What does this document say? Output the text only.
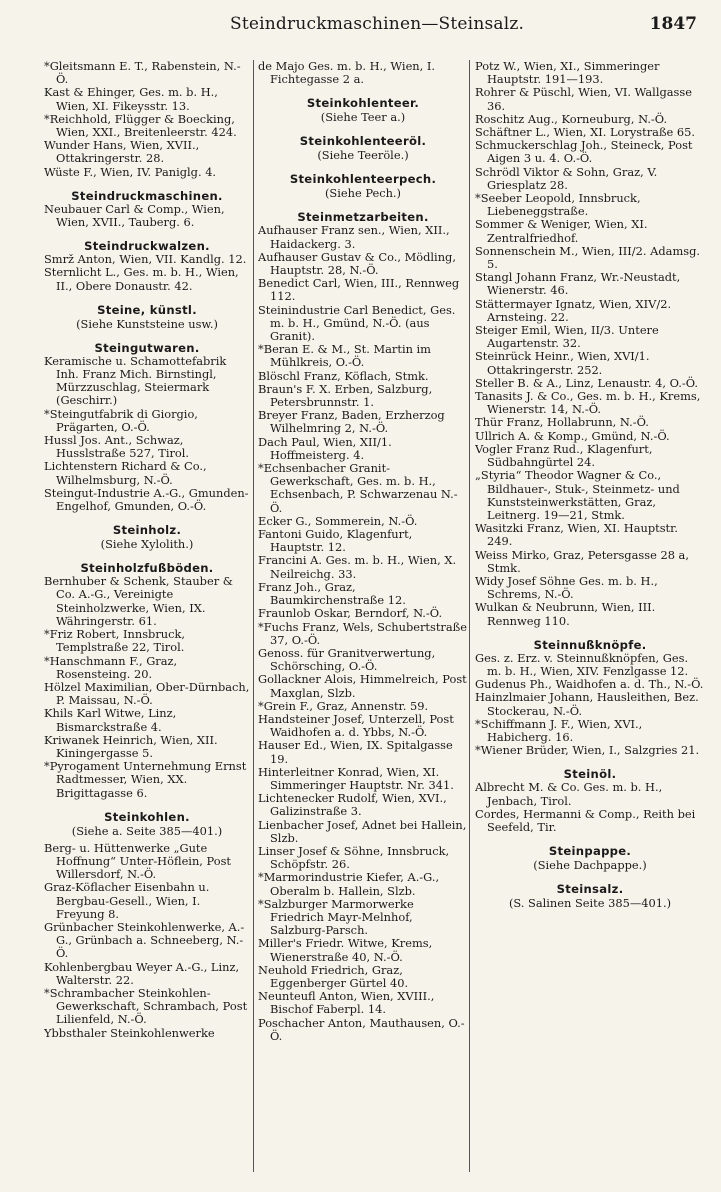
Steindruckmaschinen—Steinsalz.	1847
*Gleitsmann E. T., Rabenstein, N.-Ö.
Kast & Ehinger, Ges. m. b. H., Wien, XI. Fikeysstr. 13.
*Reichhold, Flügger & Boecking, Wien, XXI., Breitenleerstr. 424.
Wunder Hans, Wien, XVII., Ottakringerstr. 28.
Wüste F., Wien, IV. Paniglg. 4.
Steindruckmaschinen.
Neubauer Carl & Comp., Wien, Wien, XVII., Tauberg. 6.
Steindruckwalzen.
Smrž Anton, Wien, VII. Kandlg. 12.
Sternlicht L., Ges. m. b. H., Wien, II., Obere Donaustr. 42.
Steine, künstl.
(Siehe Kunststeine usw.)
Steingutwaren.
Keramische u. Schamottefabrik Inh. Franz Mich. Birnstingl, Mürzzuschlag, Steiermark (Geschirr.)
*Steingutfabrik di Giorgio, Prägarten, O.-Ö.
Hussl Jos. Ant., Schwaz, Husslstraße 527, Tirol.
Lichtenstern Richard & Co., Wilhelmsburg, N.-Ö.
Steingut-Industrie A.-G., Gmunden-Engelhof, Gmunden, O.-Ö.
Steinholz.
(Siehe Xylolith.)
Steinholzfußböden.
Bernhuber & Schenk, Stauber & Co. A.-G., Vereinigte Steinholzwerke, Wien, IX. Währingerstr. 61.
*Friz Robert, Innsbruck, Templstraße 22, Tirol.
*Hanschmann F., Graz, Rosensteing. 20.
Hölzel Maximilian, Ober-Dürnbach, P. Maissau, N.-Ö.
Khils Karl Witwe, Linz, Bismarckstraße 4.
Kriwanek Heinrich, Wien, XII. Kiningergasse 5.
*Pyrogament Unternehmung Ernst Radtmesser, Wien, XX. Brigittagasse 6.
Steinkohlen.
(Siehe a. Seite 385—401.)
Berg- u. Hüttenwerke „Gute Hoffnung“ Unter-Höflein, Post Willersdorf, N.-Ö.
Graz-Köflacher Eisenbahn u. Bergbau-Gesell., Wien, I. Freyung 8.
Grünbacher Steinkohlenwerke, A.-G., Grünbach a. Schneeberg, N.-Ö.
Kohlenbergbau Weyer A.-G., Linz, Walterstr. 22.
*Schrambacher Steinkohlen-Gewerkschaft, Schrambach, Post Lilienfeld, N.-Ö.
Ybbsthaler Steinkohlenwerke
de Majo Ges. m. b. H., Wien, I. Fichtegasse 2 a.
Steinkohlenteer.
(Siehe Teer a.)
Steinkohlenteeröl.
(Siehe Teeröle.)
Steinkohlenteerpech.
(Siehe Pech.)
Steinmetzarbeiten.
Aufhauser Franz sen., Wien, XII., Haidackerg. 3.
Aufhauser Gustav & Co., Mödling, Hauptstr. 28, N.-Ö.
Benedict Carl, Wien, III., Rennweg 112.
Steinindustrie Carl Benedict, Ges. m. b. H., Gmünd, N.-Ö. (aus Granit).
*Beran E. & M., St. Martin im Mühlkreis, O.-Ö.
Blöschl Franz, Köflach, Stmk.
Braun's F. X. Erben, Salzburg, Petersbrunnstr. 1.
Breyer Franz, Baden, Erzherzog Wilhelmring 2, N.-Ö.
Dach Paul, Wien, XII/1. Hoffmeisterg. 4.
*Echsenbacher Granit-Gewerkschaft, Ges. m. b. H., Echsenbach, P. Schwarzenau N.-Ö.
Ecker G., Sommerein, N.-Ö.
Fantoni Guido, Klagenfurt, Hauptstr. 12.
Francini A. Ges. m. b. H., Wien, X. Neilreichg. 33.
Franz Joh., Graz, Baumkirchenstraße 12.
Fraunlob Oskar, Berndorf, N.-Ö.
*Fuchs Franz, Wels, Schubertstraße 37, O.-Ö.
Genoss. für Granitverwertung, Schörsching, O.-Ö.
Gollackner Alois, Himmelreich, Post Maxglan, Slzb.
*Grein F., Graz, Annenstr. 59.
Handsteiner Josef, Unterzell, Post Waidhofen a. d. Ybbs, N.-Ö.
Hauser Ed., Wien, IX. Spitalgasse 19.
Hinterleitner Konrad, Wien, XI. Simmeringer Hauptstr. Nr. 341.
Lichtenecker Rudolf, Wien, XVI., Galizinstraße 3.
Lienbacher Josef, Adnet bei Hallein, Slzb.
Linser Josef & Söhne, Innsbruck, Schöpfstr. 26.
*Marmorindustrie Kiefer, A.-G., Oberalm b. Hallein, Slzb.
*Salzburger Marmorwerke Friedrich Mayr-Melnhof, Salzburg-Parsch.
Miller's Friedr. Witwe, Krems, Wienerstraße 40, N.-Ö.
Neuhold Friedrich, Graz, Eggenberger Gürtel 40.
Neunteufl Anton, Wien, XVIII., Bischof Faberpl. 14.
Poschacher Anton, Mauthausen, O.-Ö.
Potz W., Wien, XI., Simmeringer Hauptstr. 191—193.
Rohrer & Püschl, Wien, VI. Wallgasse 36.
Roschitz Aug., Korneuburg, N.-Ö.
Schäftner L., Wien, XI. Lorystraße 65.
Schmuckerschlag Joh., Steineck, Post Aigen 3 u. 4. O.-Ö.
Schrödl Viktor & Sohn, Graz, V. Griesplatz 28.
*Seeber Leopold, Innsbruck, Liebeneggstraße.
Sommer & Weniger, Wien, XI. Zentralfriedhof.
Sonnenschein M., Wien, III/2. Adamsg. 5.
Stangl Johann Franz, Wr.-Neustadt, Wienerstr. 46.
Stättermayer Ignatz, Wien, XIV/2. Arnsteing. 22.
Steiger Emil, Wien, II/3. Untere Augartenstr. 32.
Steinrück Heinr., Wien, XVI/1. Ottakringerstr. 252.
Steller B. & A., Linz, Lenaustr. 4, O.-Ö.
Tanasits J. & Co., Ges. m. b. H., Krems, Wienerstr. 14, N.-Ö.
Thür Franz, Hollabrunn, N.-Ö.
Ullrich A. & Komp., Gmünd, N.-Ö.
Vogler Franz Rud., Klagenfurt, Südbahngürtel 24.
„Styria“ Theodor Wagner & Co., Bildhauer-, Stuk-, Steinmetz- und Kunststeinwerkstätten, Graz, Leitnerg. 19—21, Stmk.
Wasitzki Franz, Wien, XI. Hauptstr. 249.
Weiss Mirko, Graz, Petersgasse 28 a, Stmk.
Widy Josef Söhne Ges. m. b. H., Schrems, N.-Ö.
Wulkan & Neubrunn, Wien, III. Rennweg 110.
Steinnußknöpfe.
Ges. z. Erz. v. Steinnußknöpfen, Ges. m. b. H., Wien, XIV. Fenzlgasse 12.
Gudenus Ph., Waidhofen a. d. Th., N.-Ö.
Hainzlmaier Johann, Hausleithen, Bez. Stockerau, N.-Ö.
*Schiffmann J. F., Wien, XVI., Habicherg. 16.
*Wiener Brüder, Wien, I., Salzgries 21.
Steinöl.
Albrecht M. & Co. Ges. m. b. H., Jenbach, Tirol.
Cordes, Hermanni & Comp., Reith bei Seefeld, Tir.
Steinpappe.
(Siehe Dachpappe.)
Steinsalz.
(S. Salinen Seite 385—401.)
